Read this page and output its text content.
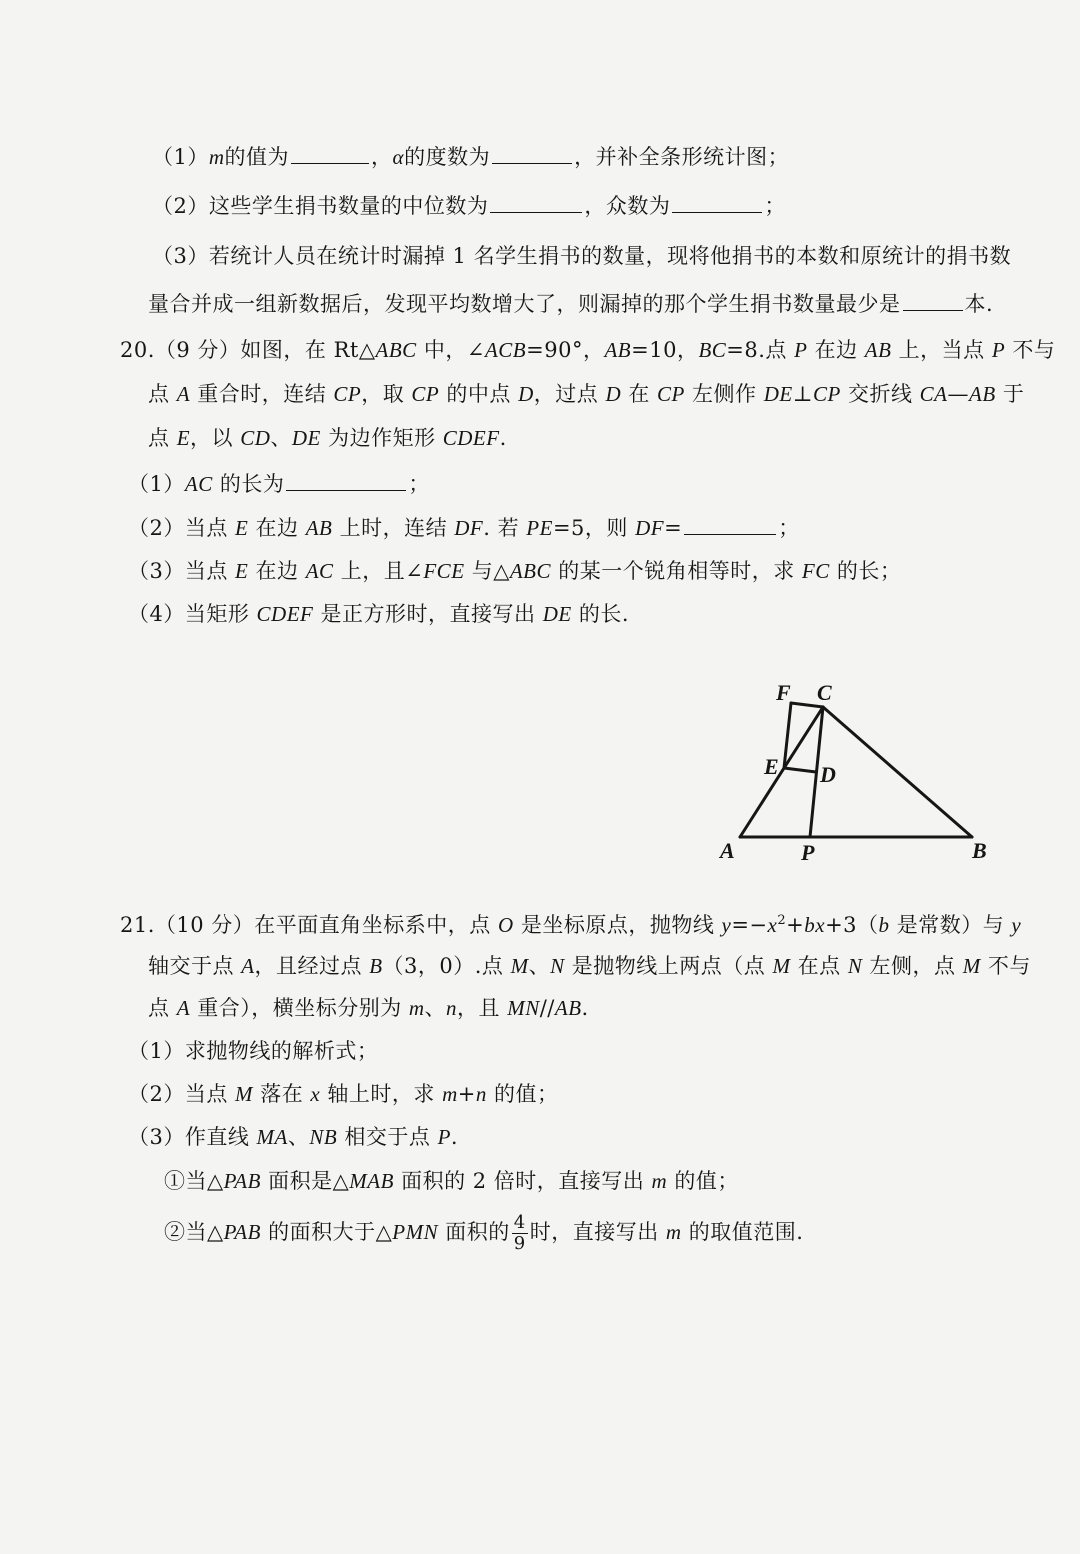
（1）m的值为	，α的度数为	，并补全条形统计图；
（2）这些学生捐书数量的中位数为	，众数为	；
（3）若统计人员在统计时漏掉 1 名学生捐书的数量，现将他捐书的本数和原统计的捐书数
量合并成一组新数据后，发现平均数增大了，则漏掉的那个学生捐书数量最少是	本.
20.（9 分）如图，在 Rt△ABC 中，∠ACB=90°，AB=10，BC=8.点 P 在边 AB 上，当点 P 不与
点 A 重合时，连结 CP，取 CP 的中点 D，过点 D 在 CP 左侧作 DE⊥CP 交折线 CA—AB 于
点 E，以 CD、DE 为边作矩形 CDEF.
（1）AC 的长为	；
（2）当点 E 在边 AB 上时，连结 DF. 若 PE=5，则 DF=	；
（3）当点 E 在边 AC 上，且∠FCE 与△ABC 的某一个锐角相等时，求 FC 的长；
（4）当矩形 CDEF 是正方形时，直接写出 DE 的长.
F C
E D
A	P	B
21.（10 分）在平面直角坐标系中，点 O 是坐标原点，抛物线 $y=-x^2+bx+3(b$ 是常数）与 y
轴交于点 A，且经过点 B（3，0）.点 M、N 是抛物线上两点（点 M 在点 N 左侧，点 M 不与
点 A 重合），横坐标分别为 m、n，且 MN//AB.
（1）求抛物线的解析式；
（2）当点 M 落在 x 轴上时，求 m+n 的值；
（3）作直线 MA、NB 相交于点 P.
①当△PAB 面积是△MAB 面积的 2 倍时，直接写出 m 的值；
②当△PAB 的面积大于△PMN 面积的 $\frac{4}{9}$ 时，直接写出 m 的取值范围.
